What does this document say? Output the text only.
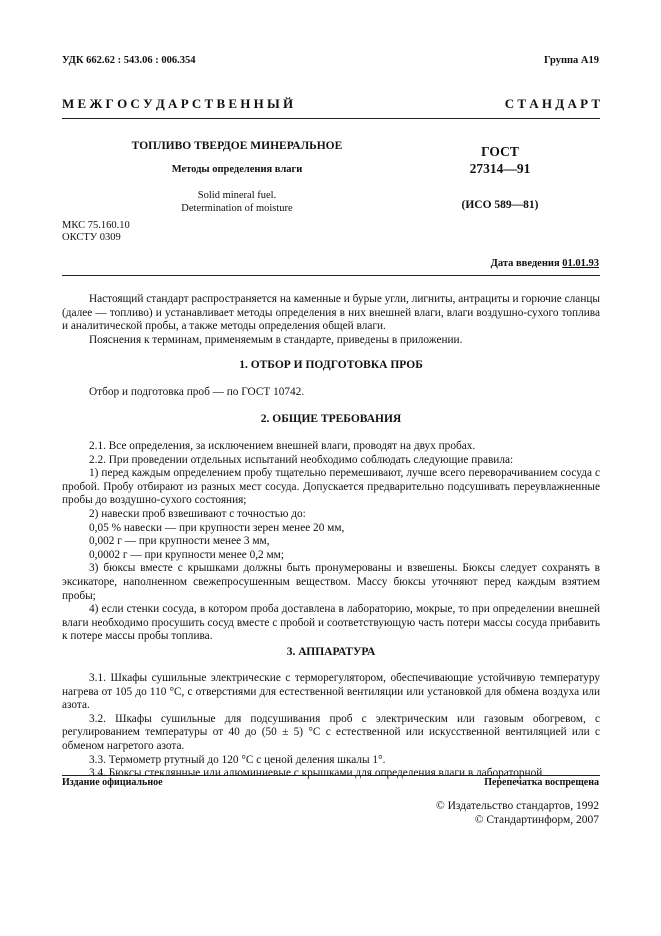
УДК 662.62 : 543.06 : 006.354	Группа А19
М Е Ж Г О С У Д А Р С Т В Е Н Н Ы Й	С Т А Н Д А Р Т
ТОПЛИВО ТВЕРДОЕ МИНЕРАЛЬНОЕ
Методы определения влаги
Solid mineral fuel.
Determination of moisture
ГОСТ
27314—91
(ИСО 589—81)
МКС 75.160.10
ОКСТУ 0309
Дата введения 01.01.93

Настоящий стандарт распространяется на каменные и бурые угли, лигниты, антрациты и горючие сланцы (далее — топливо) и устанавливает методы определения в них внешней влаги, влаги воздушно-сухого топлива и аналитической пробы, а также методы определения общей влаги.

Пояснения к терминам, применяемым в стандарте, приведены в приложении.

1. ОТБОР И ПОДГОТОВКА ПРОБ

Отбор и подготовка проб — по ГОСТ 10742.

2. ОБЩИЕ ТРЕБОВАНИЯ

2.1. Все определения, за исключением внешней влаги, проводят на двух пробах.

2.2. При проведении отдельных испытаний необходимо соблюдать следующие правила:

1) перед каждым определением пробу тщательно перемешивают, лучше всего переворачиванием сосуда с пробой. Пробу отбирают из разных мест сосуда. Допускается предварительно подсушивать переувлажненные пробы до воздушно-сухого состояния;

2) навески проб взвешивают с точностью до:

0,05 % навески — при крупности зерен менее 20 мм,

0,002 г — при крупности менее 3 мм,

0,0002 г — при крупности менее 0,2 мм;

3) бюксы вместе с крышками должны быть пронумерованы и взвешены. Бюксы следует сохранять в эксикаторе, наполненном свежепросушенным веществом. Массу бюксы уточняют перед каждым взятием пробы;

4) если стенки сосуда, в котором проба доставлена в лабораторию, мокрые, то при определении внешней влаги необходимо просушить сосуд вместе с пробой и соответствующую часть потери массы сосуда прибавить к потере массы пробы топлива.

3. АППАРАТУРА

3.1. Шкафы сушильные электрические с терморегулятором, обеспечивающие устойчивую температуру нагрева от 105 до 110 °С, с отверстиями для естественной вентиляции или установкой для обмена воздуха или азота.

3.2. Шкафы сушильные для подсушивания проб с электрическим или газовым обогревом, с регулированием температуры от 40 до (50 ± 5) °С с естественной или искусственной вентиляцией или с обменом нагретого азота.

3.3. Термометр ртутный до 120 °С с ценой деления шкалы 1°.

3.4. Бюксы стеклянные или алюминиевые с крышками для определения влаги в лабораторной

Издание официальное	Перепечатка воспрещена
© Издательство стандартов, 1992
© Стандартинформ, 2007
